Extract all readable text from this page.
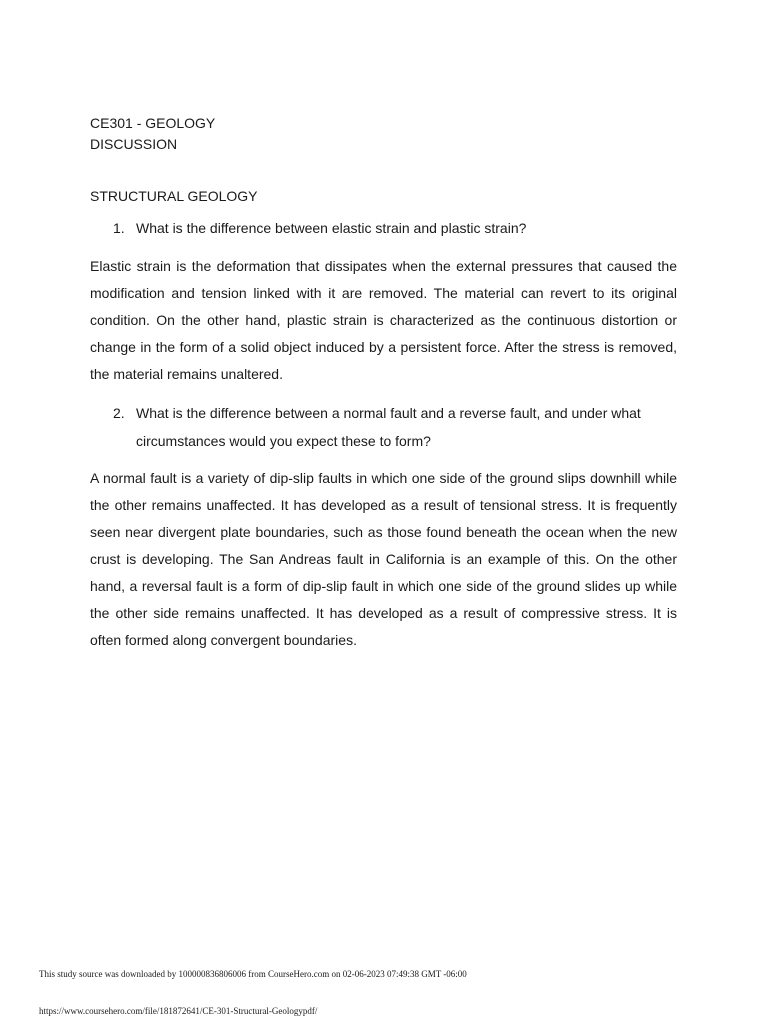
CE301 - GEOLOGY
DISCUSSION
STRUCTURAL GEOLOGY
1. What is the difference between elastic strain and plastic strain?

Elastic strain is the deformation that dissipates when the external pressures that caused the modification and tension linked with it are removed. The material can revert to its original condition. On the other hand, plastic strain is characterized as the continuous distortion or change in the form of a solid object induced by a persistent force. After the stress is removed, the material remains unaltered.

2. What is the difference between a normal fault and a reverse fault, and under what circumstances would you expect these to form?

A normal fault is a variety of dip-slip faults in which one side of the ground slips downhill while the other remains unaffected. It has developed as a result of tensional stress. It is frequently seen near divergent plate boundaries, such as those found beneath the ocean when the new crust is developing. The San Andreas fault in California is an example of this. On the other hand, a reversal fault is a form of dip-slip fault in which one side of the ground slides up while the other side remains unaffected. It has developed as a result of compressive stress. It is often formed along convergent boundaries.

This study source was downloaded by 100000836806006 from CourseHero.com on 02-06-2023 07:49:38 GMT -06:00
https://www.coursehero.com/file/181872641/CE-301-Structural-Geologypdf/
